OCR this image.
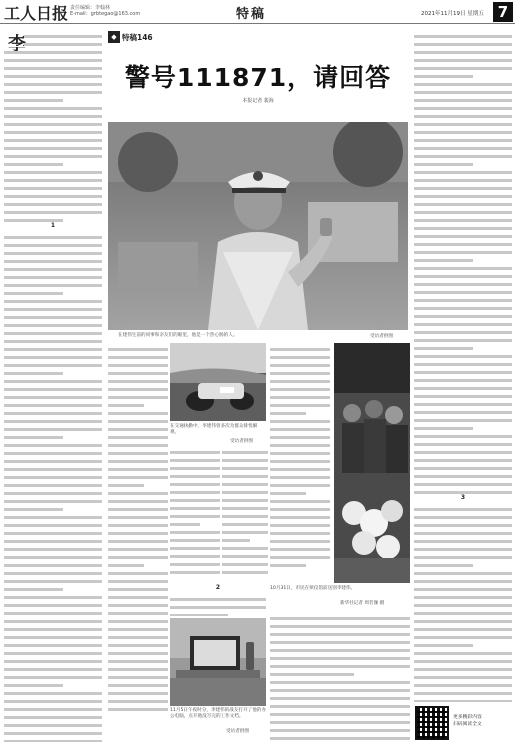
工人日报 责任编辑：李翰林
E-mail：grbtegao@163.com	特稿	2021年11月19日 星期五 7
李
1
◆ 特稿146
警号111871，请回答
本报记者 裴海
在建伟生前的同事和亲友们的眼里，他是一个热心肠的人。	受访者供图
在交通执勤中，李建伟曾多次为群众排忧解难。
受访者供图
10月31日，市民在殡仪馆前送别李建伟。
新华社记者 周若伽 摄
2
11月5日午夜时分，李建伟的战友打开了他的办公电脑，点开他没写完的工作文档。
受访者供图
3
更多精彩内容
扫码阅读全文
